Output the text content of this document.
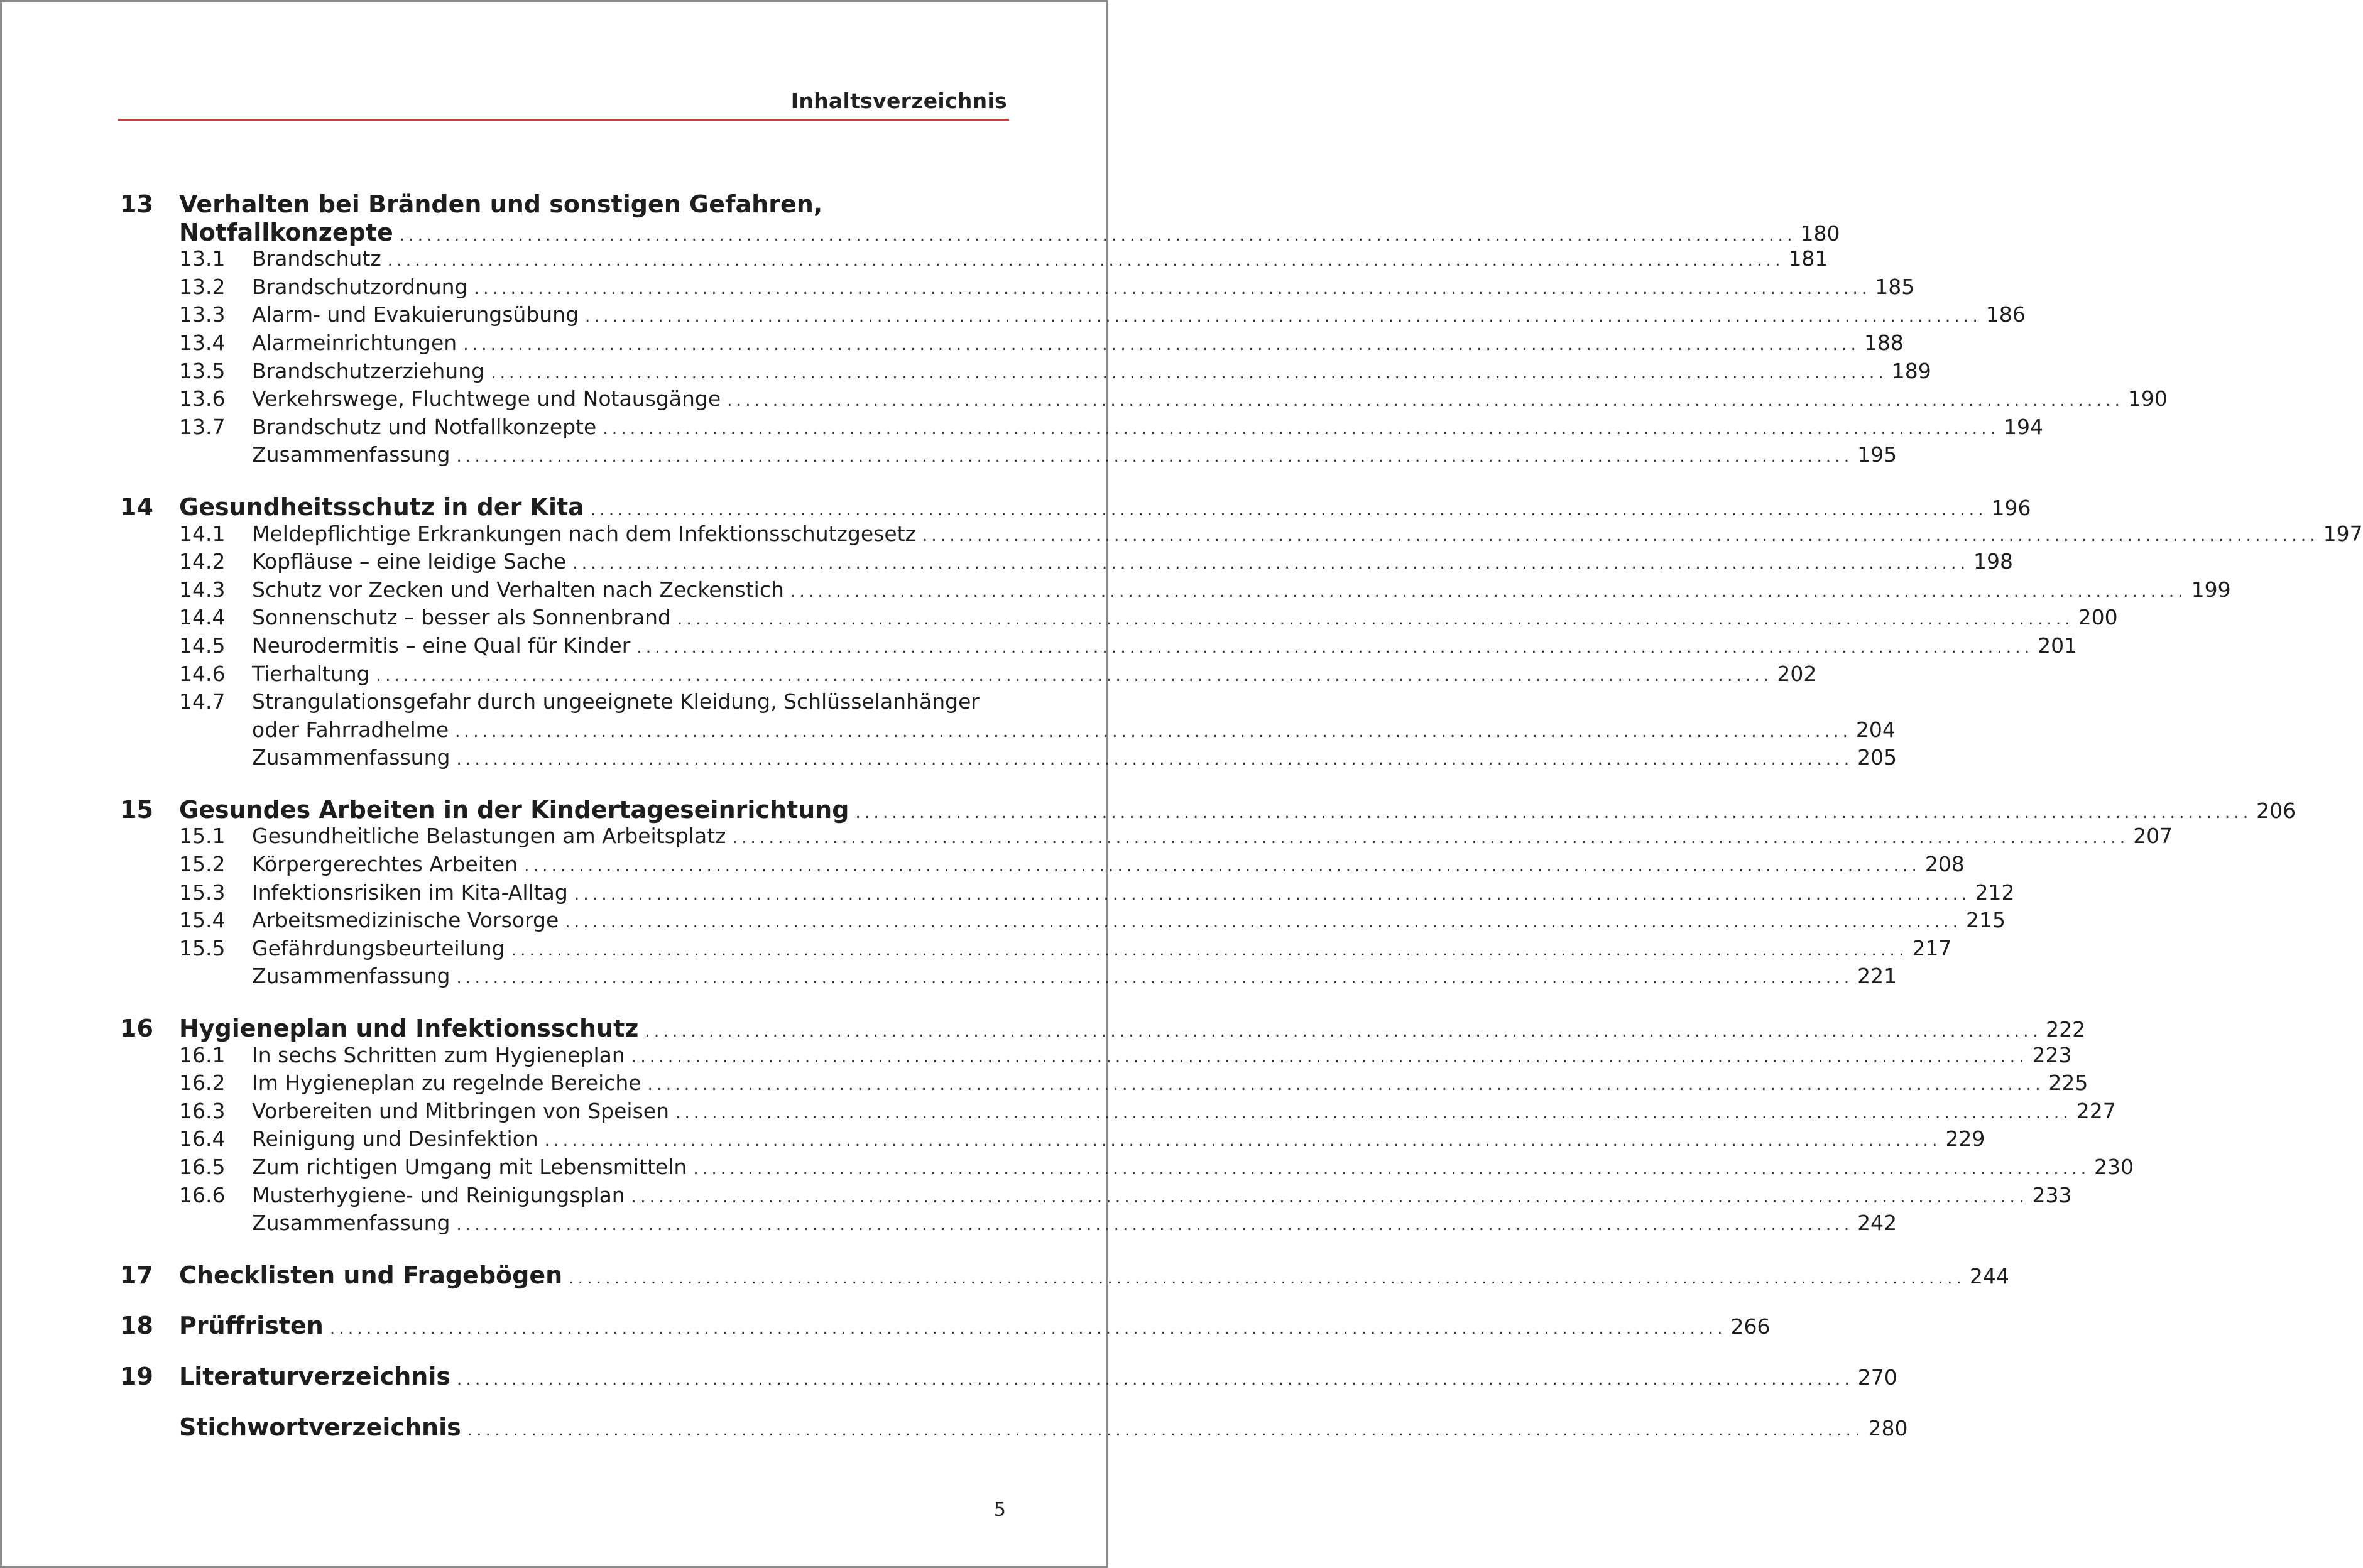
Inhaltsverzeichnis
13	Verhalten bei Bränden und sonstigen Gefahren,
Notfallkonzepte . . .	180
13.1	Brandschutz . . .	181
13.2	Brandschutzordnung . . .	185
13.3	Alarm- und Evakuierungsübung . . .	186
13.4	Alarmeinrichtungen . . .	188
13.5	Brandschutzerziehung . . .	189
13.6	Verkehrswege, Fluchtwege und Notausgänge . . .	190
13.7	Brandschutz und Notfallkonzepte . . .	194
Zusammenfassung . . .	195
14	Gesundheitsschutz in der Kita . . .	196
14.1	Meldepflichtige Erkrankungen nach dem Infektionsschutzgesetz . . .	197
14.2	Kopfläuse – eine leidige Sache . . .	198
14.3	Schutz vor Zecken und Verhalten nach Zeckenstich . . .	199
14.4	Sonnenschutz – besser als Sonnenbrand . . .	200
14.5	Neurodermitis – eine Qual für Kinder . . .	201
14.6	Tierhaltung . . .	202
14.7	Strangulationsgefahr durch ungeeignete Kleidung, Schlüsselanhänger
oder Fahrradhelme . . .	204
Zusammenfassung . . .	205
15	Gesundes Arbeiten in der Kindertageseinrichtung . . .	206
15.1	Gesundheitliche Belastungen am Arbeitsplatz . . .	207
15.2	Körpergerechtes Arbeiten . . .	208
15.3	Infektionsrisiken im Kita-Alltag . . .	212
15.4	Arbeitsmedizinische Vorsorge . . .	215
15.5	Gefährdungsbeurteilung . . .	217
Zusammenfassung . . .	221
16	Hygieneplan und Infektionsschutz . . .	222
16.1	In sechs Schritten zum Hygieneplan . . .	223
16.2	Im Hygieneplan zu regelnde Bereiche . . .	225
16.3	Vorbereiten und Mitbringen von Speisen . . .	227
16.4	Reinigung und Desinfektion . . .	229
16.5	Zum richtigen Umgang mit Lebensmitteln . . .	230
16.6	Musterhygiene- und Reinigungsplan . . .	233
Zusammenfassung . . .	242
17	Checklisten und Fragebögen . . .	244
18	Prüffristen . . .	266
19	Literaturverzeichnis . . .	270
Stichwortverzeichnis . . .	280
5
